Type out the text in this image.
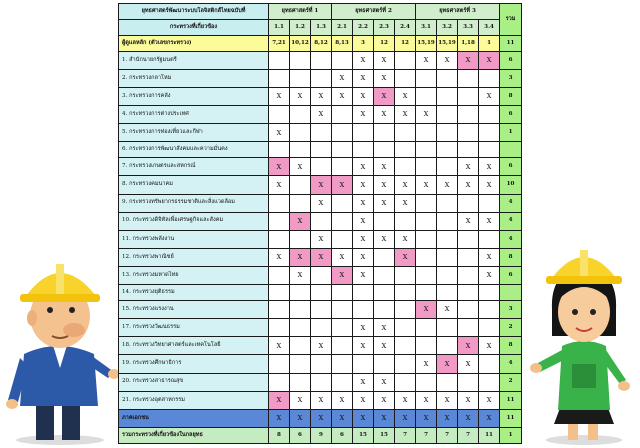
ยุทธศาสตร์พัฒนาระบบโลจิสติกส์ไทยฉบับที่	ยุทธศาสตร์ที่ 1			ยุทธศาสตร์ที่ 2				ยุทธศาสตร์ที่ 3				รวม
กระทรวงที่เกี่ยวข้อง	1.1	1.2	1.3	2.1	2.2	2.3	2.4	3.1	3.2	3.3	3.4	
ผู้ดูแลหลัก (ตัวเลขกระทรวง)	7,21	10,12	8,12	8,13	3	12	12	15,19	15,19	1,18	1	11
1. สำนักนายกรัฐมนตรี					X	X		X	X	X	X	6
2. กระทรวงกลาโหม				X	X	X						3
3. กระทรวงการคลัง	X	X	X	X	X	X	X				X	8
4. กระทรวงการต่างประเทศ			X		X	X	X	X				6
5. กระทรวงการท่องเที่ยวและกีฬา	X											1
6. กระทรวงการพัฒนาสังคมและความมั่นคง												
7. กระทรวงเกษตรและสหกรณ์	X	X			X	X				X	X	6
8. กระทรวงคมนาคม	X		X	X	X	X	X	X	X	X	X	10
9. กระทรวงทรัพยากรธรรมชาติและสิ่งแวดล้อม			X		X	X	X					4
10. กระทรวงดิจิทัลเพื่อเศรษฐกิจและสังคม		X			X					X	X	4
11. กระทรวงพลังงาน			X		X	X	X					4
12. กระทรวงพาณิชย์	X	X	X	X	X		X				X	8
13. กระทรวงมหาดไทย		X		X	X						X	6
14. กระทรวงยุติธรรม												
15. กระทรวงแรงงาน								X	X			3
17. กระทรวงวัฒนธรรม					X	X						2
18. กระทรวงวิทยาศาสตร์และเทคโนโลยี	X		X		X	X				X	X	8
19. กระทรวงศึกษาธิการ								X	X	X		4
20. กระทรวงสาธารณสุข					X	X						2
21. กระทรวงอุตสาหกรรม	X	X	X	X	X	X	X	X	X	X	X	11
ภาคเอกชน	X	X	X	X	X	X	X	X	X	X	X	11
รวมกระทรวงที่เกี่ยวข้องในกลยุทธ	8	6	9	6	15	15	7	7	7	7	11	1
